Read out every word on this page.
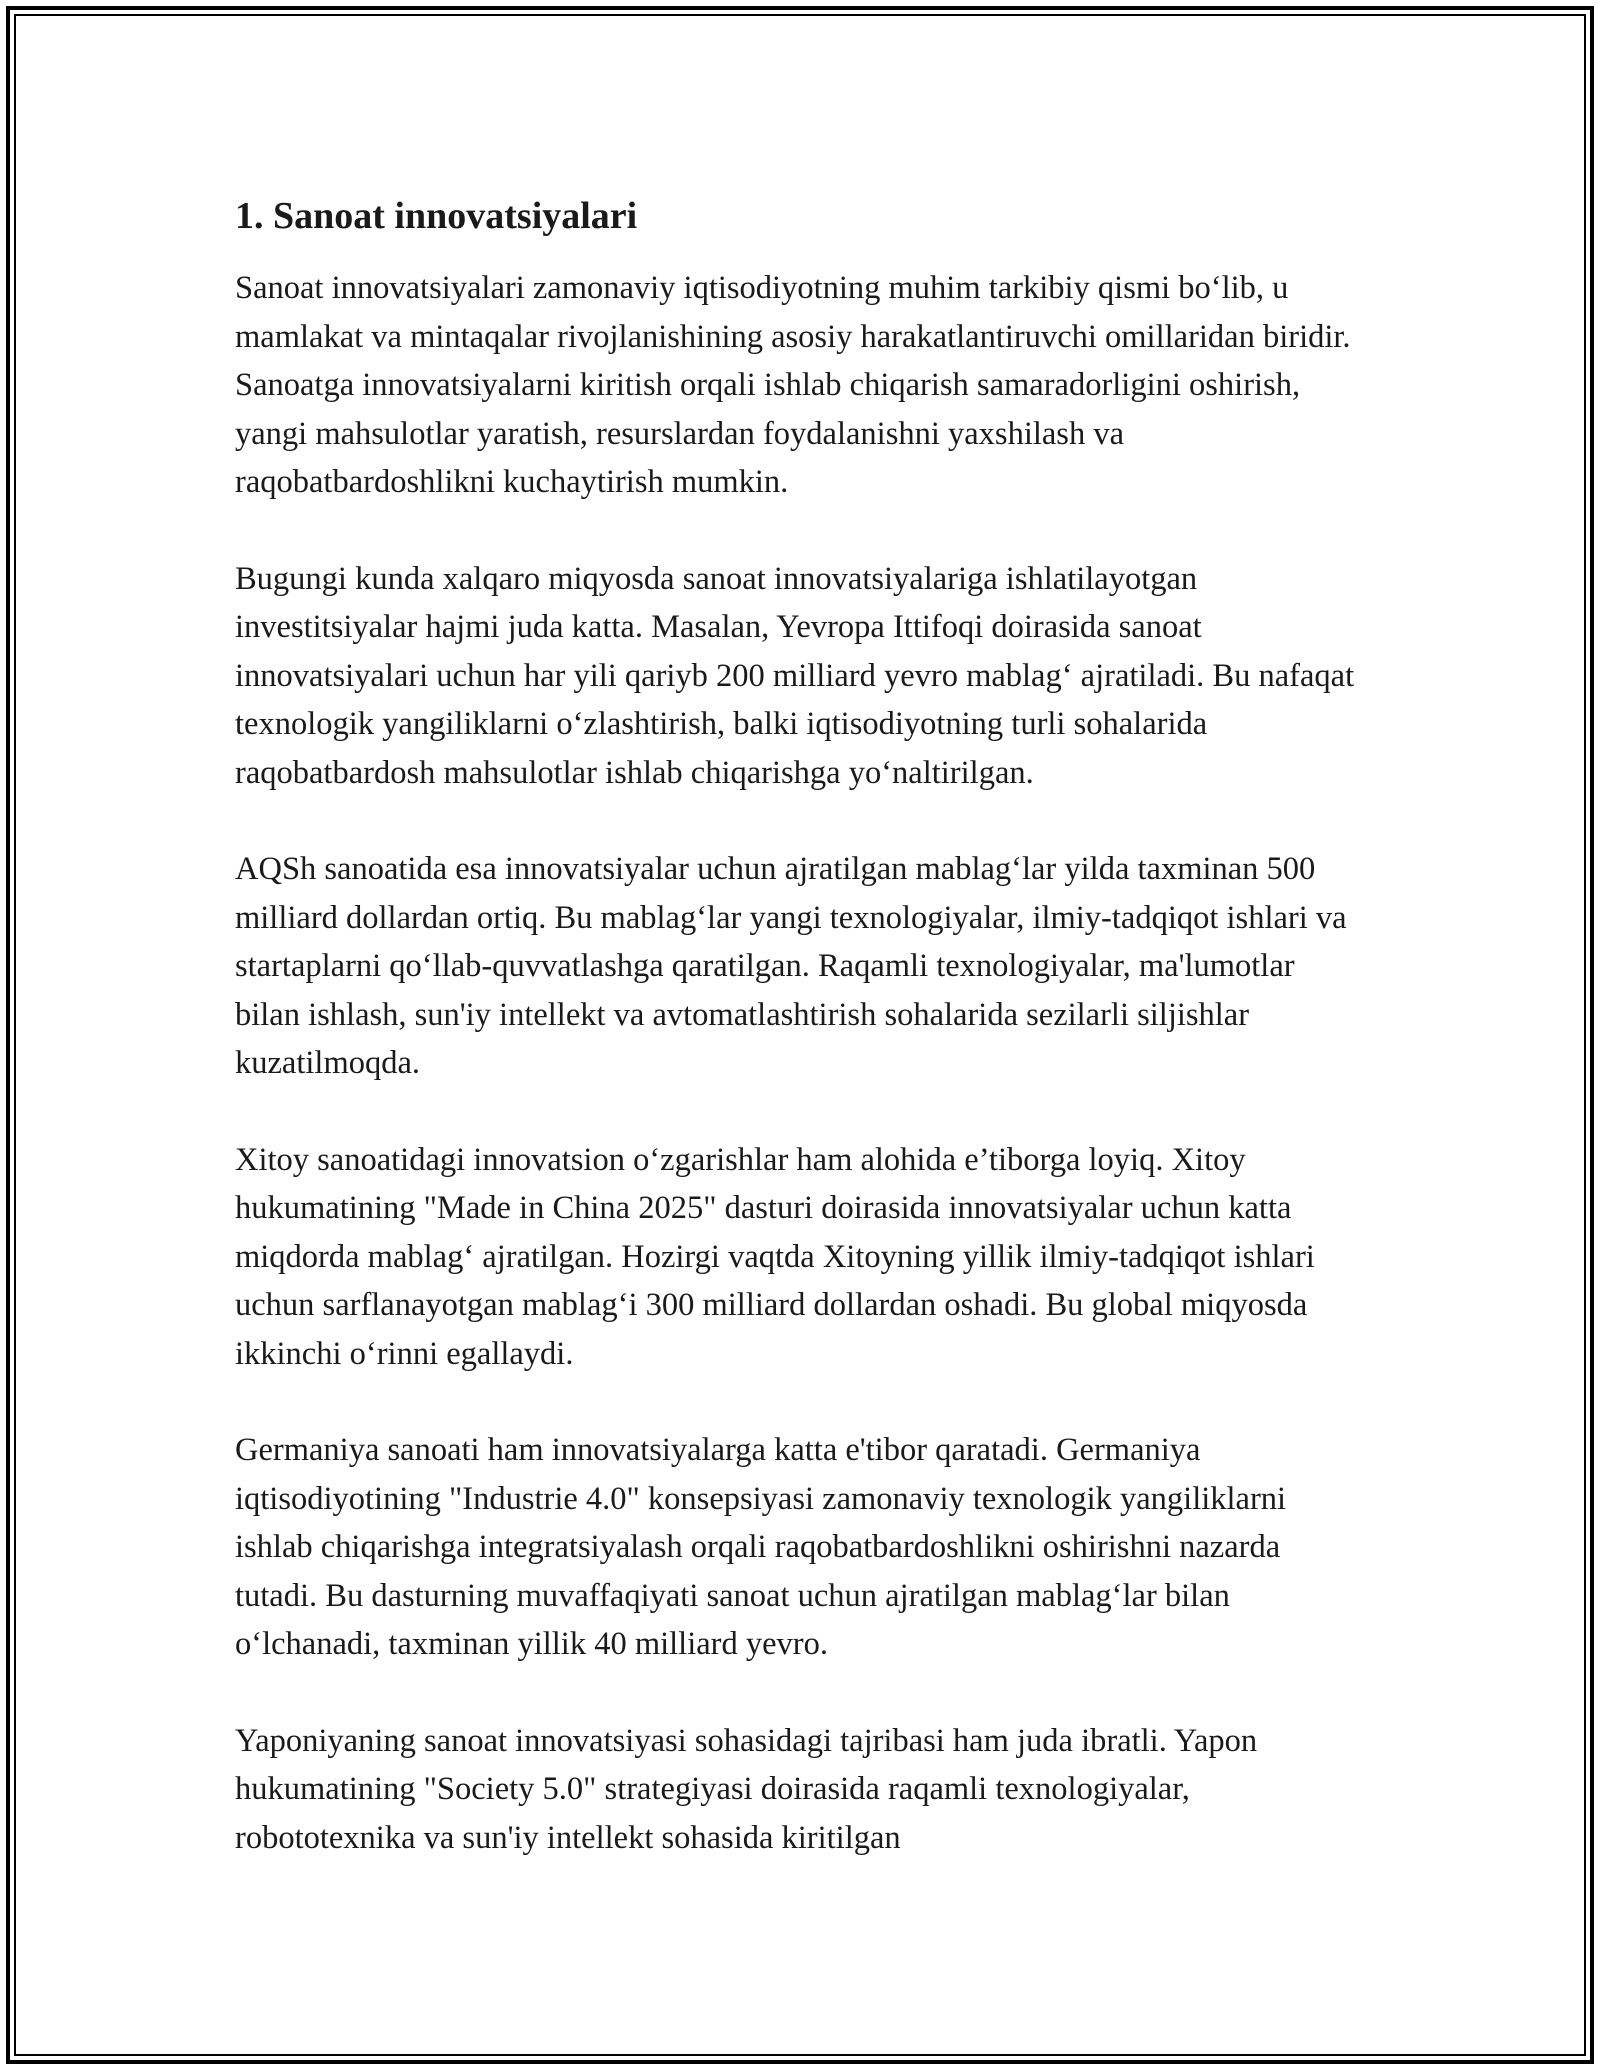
1. Sanoat innovatsiyalari

Sanoat innovatsiyalari zamonaviy iqtisodiyotning muhim tarkibiy qismi bo‘lib, u mamlakat va mintaqalar rivojlanishining asosiy harakatlantiruvchi omillaridan biridir. Sanoatga innovatsiyalarni kiritish orqali ishlab chiqarish samaradorligini oshirish, yangi mahsulotlar yaratish, resurslardan foydalanishni yaxshilash va raqobatbardoshlikni kuchaytirish mumkin.

Bugungi kunda xalqaro miqyosda sanoat innovatsiyalariga ishlatilayotgan investitsiyalar hajmi juda katta. Masalan, Yevropa Ittifoqi doirasida sanoat innovatsiyalari uchun har yili qariyb 200 milliard yevro mablag‘ ajratiladi. Bu nafaqat texnologik yangiliklarni o‘zlashtirish, balki iqtisodiyotning turli sohalarida raqobatbardosh mahsulotlar ishlab chiqarishga yo‘naltirilgan.

AQSh sanoatida esa innovatsiyalar uchun ajratilgan mablag‘lar yilda taxminan 500 milliard dollardan ortiq. Bu mablag‘lar yangi texnologiyalar, ilmiy-tadqiqot ishlari va startaplarni qo‘llab-quvvatlashga qaratilgan. Raqamli texnologiyalar, ma'lumotlar bilan ishlash, sun'iy intellekt va avtomatlashtirish sohalarida sezilarli siljishlar kuzatilmoqda.

Xitoy sanoatidagi innovatsion o‘zgarishlar ham alohida e’tiborga loyiq. Xitoy hukumatining "Made in China 2025" dasturi doirasida innovatsiyalar uchun katta miqdorda mablag‘ ajratilgan. Hozirgi vaqtda Xitoyning yillik ilmiy-tadqiqot ishlari uchun sarflanayotgan mablag‘i 300 milliard dollardan oshadi. Bu global miqyosda ikkinchi o‘rinni egallaydi.

Germaniya sanoati ham innovatsiyalarga katta e'tibor qaratadi. Germaniya iqtisodiyotining "Industrie 4.0" konsepsiyasi zamonaviy texnologik yangiliklarni ishlab chiqarishga integratsiyalash orqali raqobatbardoshlikni oshirishni nazarda tutadi. Bu dasturning muvaffaqiyati sanoat uchun ajratilgan mablag‘lar bilan o‘lchanadi, taxminan yillik 40 milliard yevro.

Yaponiyaning sanoat innovatsiyasi sohasidagi tajribasi ham juda ibratli. Yapon hukumatining "Society 5.0" strategiyasi doirasida raqamli texnologiyalar, robototexnika va sun'iy intellekt sohasida kiritilgan
